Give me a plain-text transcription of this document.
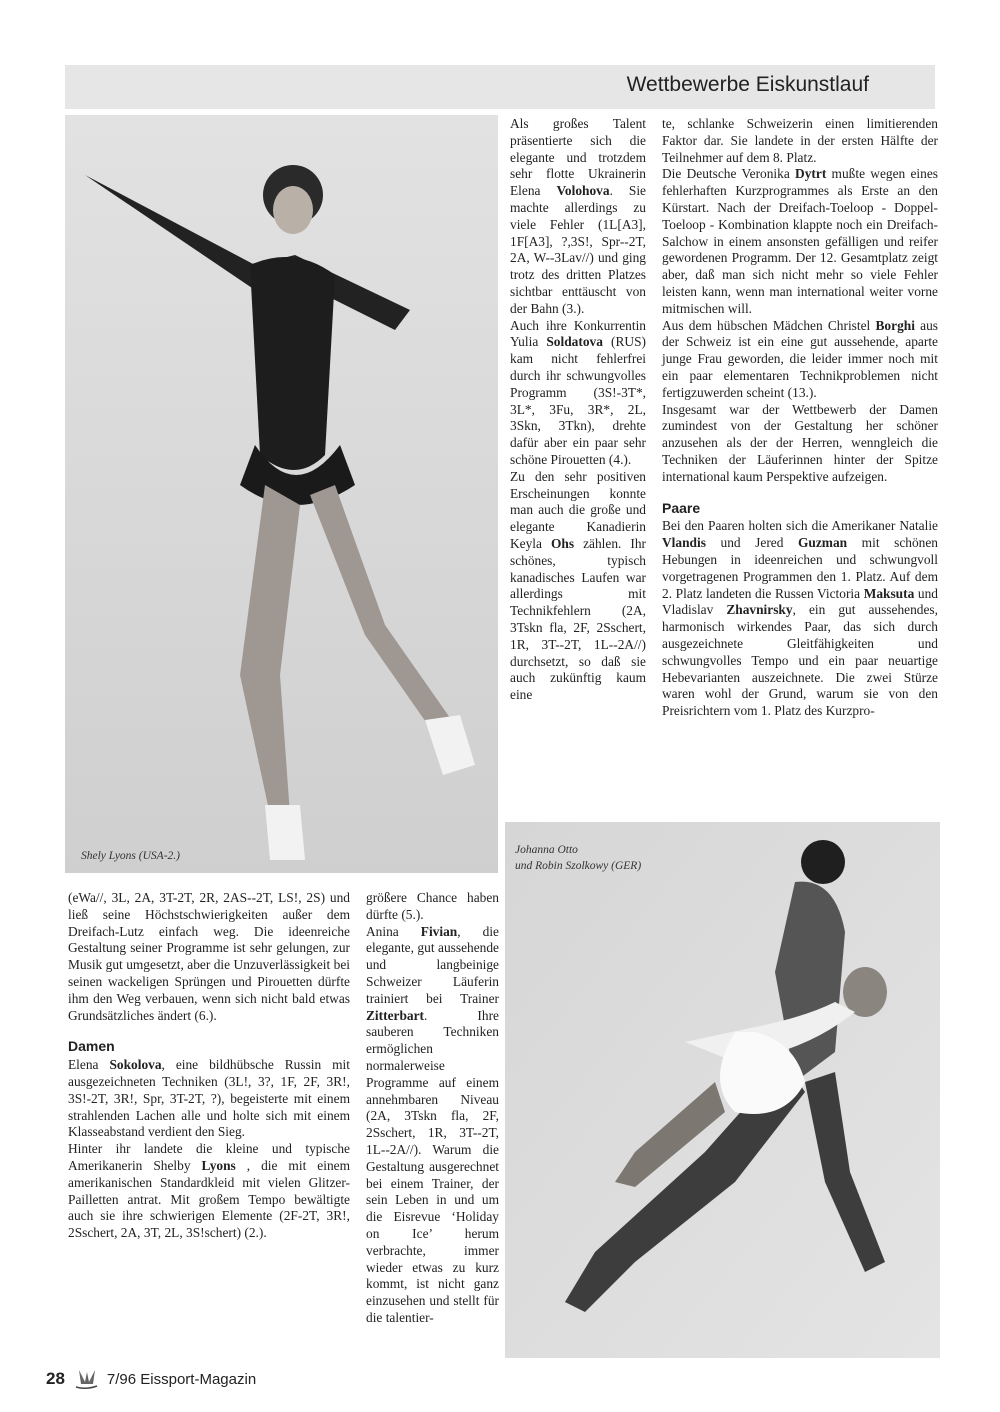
Wettbewerbe Eiskunstlauf
Shely Lyons (USA-2.)

Als großes Talent präsentierte sich die elegante und trotzdem sehr flotte Ukrainerin Elena Volohova. Sie machte allerdings zu viele Fehler (1L[A3], 1F[A3], ?,3S!, Spr--2T, 2A, W--3Lav//) und ging trotz des dritten Platzes sichtbar enttäuscht von der Bahn (3.).

Auch ihre Konkurrentin Yulia Soldatova (RUS) kam nicht fehlerfrei durch ihr schwungvolles Programm (3S!-3T*, 3L*, 3Fu, 3R*, 2L, 3Skn, 3Tkn), drehte dafür aber ein paar sehr schöne Pirouetten (4.).

Zu den sehr positiven Erscheinungen konnte man auch die große und elegante Kanadierin Keyla Ohs zählen. Ihr schönes, typisch kanadisches Laufen war allerdings mit Technikfehlern (2A, 3Tskn fla, 2F, 2Sschert, 1R, 3T--2T, 1L--2A//) durchsetzt, so daß sie auch zukünftig kaum eine

te, schlanke Schweizerin einen limitierenden Faktor dar. Sie landete in der ersten Hälfte der Teilnehmer auf dem 8. Platz.

Die Deutsche Veronika Dytrt mußte wegen eines fehlerhaften Kurzprogrammes als Erste an den Kürstart. Nach der Dreifach-Toeloop - Doppel-Toeloop - Kombination klappte noch ein Dreifach-Salchow in einem ansonsten gefälligen und reifer gewordenen Programm. Der 12. Gesamtplatz zeigt aber, daß man sich nicht mehr so viele Fehler leisten kann, wenn man international weiter vorne mitmischen will.

Aus dem hübschen Mädchen Christel Borghi aus der Schweiz ist ein eine gut aussehende, aparte junge Frau geworden, die leider immer noch mit ein paar elementaren Technikproblemen nicht fertigzuwerden scheint (13.).

Insgesamt war der Wettbewerb der Damen zumindest von der Gestaltung her schöner anzusehen als der der Herren, wenngleich die Techniken der Läuferinnen hinter der Spitze international kaum Perspektive aufzeigen.

Paare

Bei den Paaren holten sich die Amerikaner Natalie Vlandis und Jered Guzman mit schönen Hebungen in ideenreichen und schwungvoll vorgetragenen Programmen den 1. Platz. Auf dem 2. Platz landeten die Russen Victoria Maksuta und Vladislav Zhavnirsky, ein gut aussehendes, harmonisch wirkendes Paar, das sich durch ausgezeichnete Gleitfähigkeiten und schwungvolles Tempo und ein paar neuartige Hebevarianten auszeichnete. Die zwei Stürze waren wohl der Grund, warum sie von den Preisrichtern vom 1. Platz des Kurzpro-

Johanna Otto
und Robin Szolkowy (GER)

(eWa//, 3L, 2A, 3T-2T, 2R, 2AS--2T, LS!, 2S) und ließ seine Höchstschwierigkeiten außer dem Dreifach-Lutz einfach weg. Die ideenreiche Gestaltung seiner Programme ist sehr gelungen, zur Musik gut umgesetzt, aber die Unzuverlässigkeit bei seinen wackeligen Sprüngen und Pirouetten dürfte ihm den Weg verbauen, wenn sich nicht bald etwas Grundsätzliches ändert (6.).

Damen

Elena Sokolova, eine bildhübsche Russin mit ausgezeichneten Techniken (3L!, 3?, 1F, 2F, 3R!, 3S!-2T, 3R!, Spr, 3T-2T, ?), begeisterte mit einem strahlenden Lachen alle und holte sich mit einem Klasseabstand verdient den Sieg.

Hinter ihr landete die kleine und typische Amerikanerin Shelby Lyons , die mit einem amerikanischen Standardkleid mit vielen Glitzer-Pailletten antrat. Mit großem Tempo bewältigte auch sie ihre schwierigen Elemente (2F-2T, 3R!, 2Sschert, 2A, 3T, 2L, 3S!schert) (2.).

größere Chance haben dürfte (5.).

Anina Fivian, die elegante, gut aussehende und langbeinige Schweizer Läuferin trainiert bei Trainer Zitterbart. Ihre sauberen Techniken ermöglichen normalerweise Programme auf einem annehmbaren Niveau (2A, 3Tskn fla, 2F, 2Sschert, 1R, 3T--2T, 1L--2A//). Warum die Gestaltung ausgerechnet bei einem Trainer, der sein Leben in und um die Eisrevue ‘Holiday on Ice’ herum verbrachte, immer wieder etwas zu kurz kommt, ist nicht ganz einzusehen und stellt für die talentier-

28	7/96 Eissport-Magazin
